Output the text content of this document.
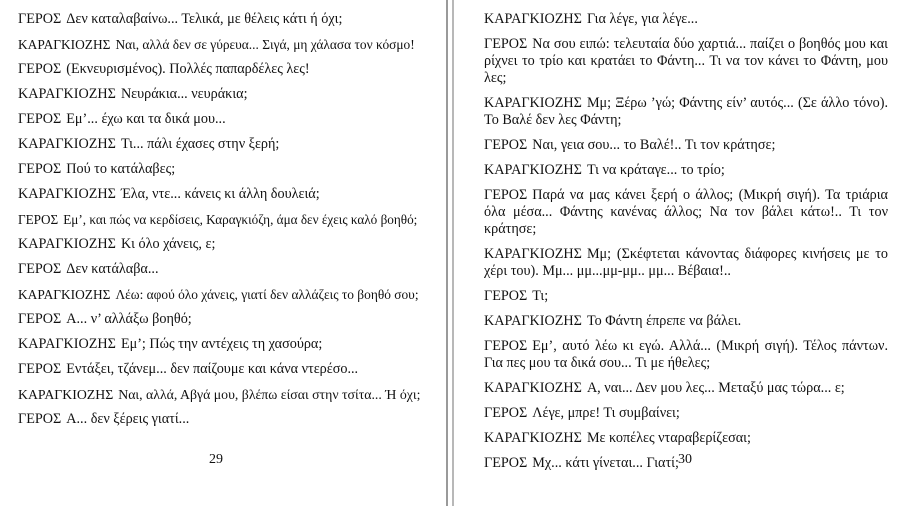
ΓΕΡΟΣ Δεν καταλαβαίνω... Τελικά, με θέλεις κάτι ή όχι;
ΚΑΡΑΓΚΙΟΖΗΣ Ναι, αλλά δεν σε γύρευα... Σιγά, μη χάλασα τον κόσμο!
ΓΕΡΟΣ (Εκνευρισμένος). Πολλές παπαρδέλες λες!
ΚΑΡΑΓΚΙΟΖΗΣ Νευράκια... νευράκια;
ΓΕΡΟΣ Εμ’... έχω και τα δικά μου...
ΚΑΡΑΓΚΙΟΖΗΣ Τι... πάλι έχασες στην ξερή;
ΓΕΡΟΣ Πού το κατάλαβες;
ΚΑΡΑΓΚΙΟΖΗΣ Έλα, ντε... κάνεις κι άλλη δουλειά;
ΓΕΡΟΣ Εμ’, και πώς να κερδίσεις, Καραγκιόζη, άμα δεν έχεις καλό βοηθό;
ΚΑΡΑΓΚΙΟΖΗΣ Κι όλο χάνεις, ε;
ΓΕΡΟΣ Δεν κατάλαβα...
ΚΑΡΑΓΚΙΟΖΗΣ Λέω: αφού όλο χάνεις, γιατί δεν αλλάζεις το βοηθό σου;
ΓΕΡΟΣ Α... ν’ αλλάξω βοηθό;
ΚΑΡΑΓΚΙΟΖΗΣ Εμ’; Πώς την αντέχεις τη χασούρα;
ΓΕΡΟΣ Εντάξει, τζάνεμ... δεν παίζουμε και κάνα ντερέσο...
ΚΑΡΑΓΚΙΟΖΗΣ Ναι, αλλά, Αβγά μου, βλέπω είσαι στην τσίτα... Ή όχι;
ΓΕΡΟΣ Α... δεν ξέρεις γιατί...
29
ΚΑΡΑΓΚΙΟΖΗΣ Για λέγε, για λέγε...
ΓΕΡΟΣ Να σου ειπώ: τελευταία δύο χαρτιά... παίζει ο βοηθός μου και ρίχνει το τρίο και κρατάει το Φάντη... Τι να τον κάνει το Φάντη, μου λες;
ΚΑΡΑΓΚΙΟΖΗΣ Μμ; Ξέρω ’γώ; Φάντης είν’ αυτός... (Σε άλλο τόνο). Το Βαλέ δεν λες Φάντη;
ΓΕΡΟΣ Ναι, γεια σου... το Βαλέ!.. Τι τον κράτησε;
ΚΑΡΑΓΚΙΟΖΗΣ Τι να κράταγε... το τρίο;
ΓΕΡΟΣ Παρά να μας κάνει ξερή ο άλλος; (Μικρή σιγή). Τα τριάρια όλα μέσα... Φάντης κανένας άλλος; Να τον βάλει κάτω!.. Τι τον κράτησε;
ΚΑΡΑΓΚΙΟΖΗΣ Μμ; (Σκέφτεται κάνοντας διάφορες κινήσεις με το χέρι του). Μμ... μμ...μμ-μμ.. μμ... Βέβαια!..
ΓΕΡΟΣ Τι;
ΚΑΡΑΓΚΙΟΖΗΣ Το Φάντη έπρεπε να βάλει.
ΓΕΡΟΣ Εμ’, αυτό λέω κι εγώ. Αλλά... (Μικρή σιγή). Τέλος πάντων. Για πες μου τα δικά σου... Τι με ήθελες;
ΚΑΡΑΓΚΙΟΖΗΣ Α, ναι... Δεν μου λες... Μεταξύ μας τώρα... ε;
ΓΕΡΟΣ Λέγε, μπρε! Τι συμβαίνει;
ΚΑΡΑΓΚΙΟΖΗΣ Με κοπέλες νταραβερίζεσαι;
ΓΕΡΟΣ Μχ... κάτι γίνεται... Γιατί; 30
